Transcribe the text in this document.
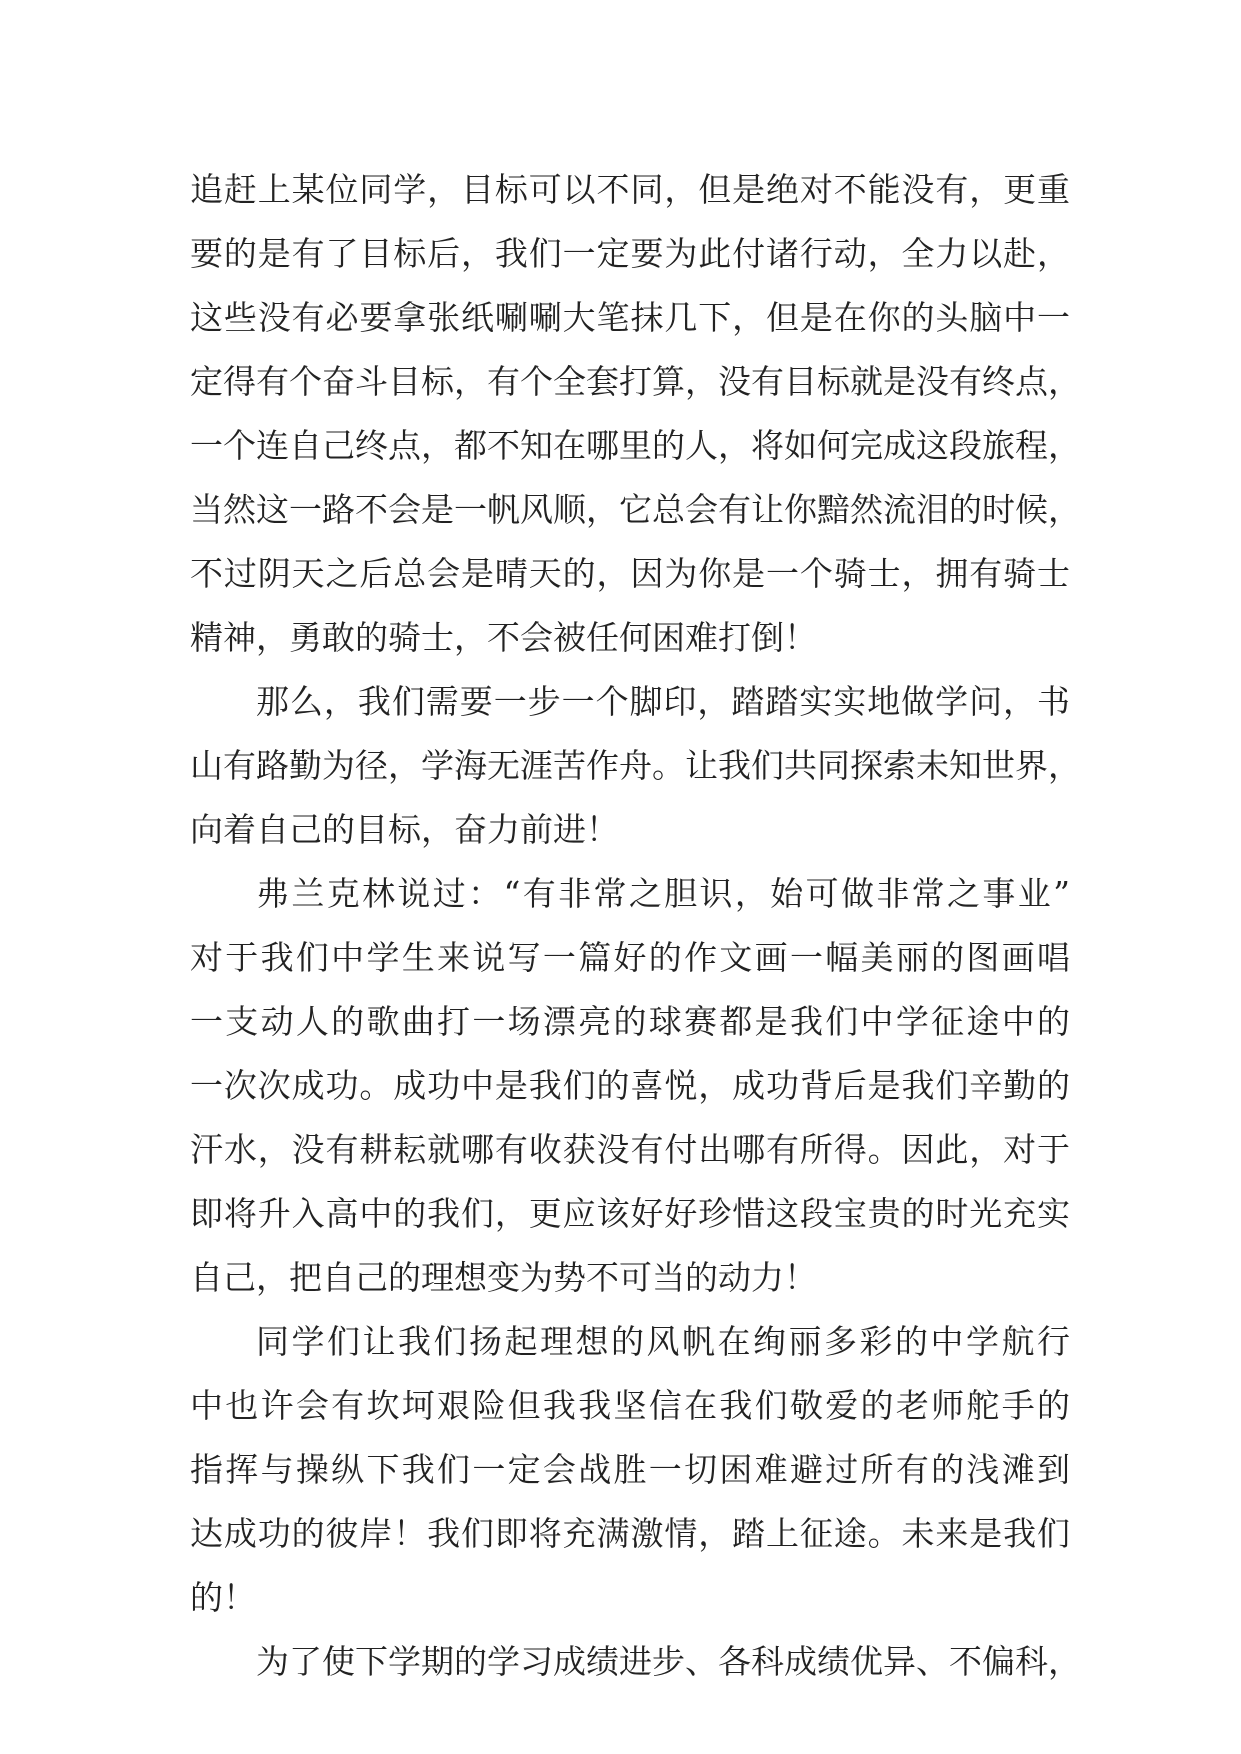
追赶上某位同学，目标可以不同，但是绝对不能没有，更重
要的是有了目标后，我们一定要为此付诸行动，全力以赴，
这些没有必要拿张纸唰唰大笔抹几下，但是在你的头脑中一
定得有个奋斗目标，有个全套打算，没有目标就是没有终点，
一个连自己终点，都不知在哪里的人，将如何完成这段旅程，
当然这一路不会是一帆风顺，它总会有让你黯然流泪的时候，
不过阴天之后总会是晴天的，因为你是一个骑士，拥有骑士
精神，勇敢的骑士，不会被任何困难打倒！
那么，我们需要一步一个脚印，踏踏实实地做学问，书
山有路勤为径，学海无涯苦作舟。让我们共同探索未知世界，
向着自己的目标，奋力前进！
弗兰克林说过：“有非常之胆识，始可做非常之事业”
对于我们中学生来说写一篇好的作文画一幅美丽的图画唱
一支动人的歌曲打一场漂亮的球赛都是我们中学征途中的
一次次成功。成功中是我们的喜悦，成功背后是我们辛勤的
汗水，没有耕耘就哪有收获没有付出哪有所得。因此，对于
即将升入高中的我们，更应该好好珍惜这段宝贵的时光充实
自己，把自己的理想变为势不可当的动力！
同学们让我们扬起理想的风帆在绚丽多彩的中学航行
中也许会有坎坷艰险但我我坚信在我们敬爱的老师舵手的
指挥与操纵下我们一定会战胜一切困难避过所有的浅滩到
达成功的彼岸！我们即将充满激情，踏上征途。未来是我们
的！
为了使下学期的学习成绩进步、各科成绩优异、不偏科，
